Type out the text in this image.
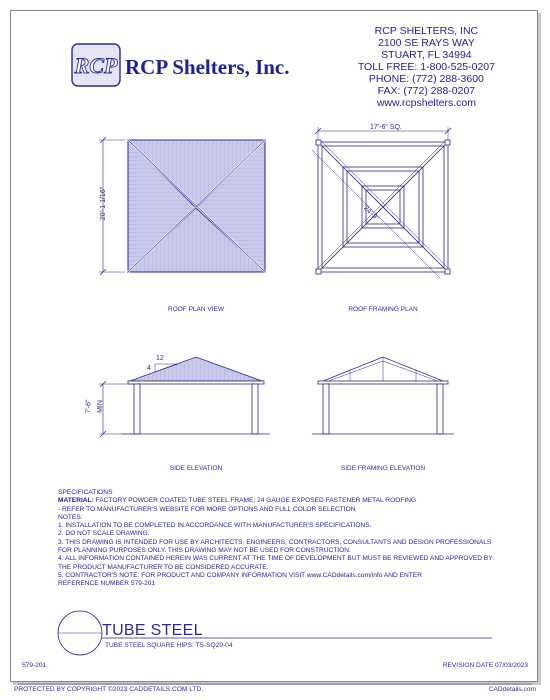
RCP RCP Shelters, Inc.
RCP SHELTERS, INC
2100 SE RAYS WAY
STUART, FL 34994
TOLL FREE: 1-800-525-0207
PHONE: (772) 288-3600
FAX: (772) 288-0207
www.rcpshelters.com
20'-1 1/16"
17'-6" SQ.
24'-9"
4
12
7'-6" MIN
ROOF PLAN VIEW	ROOF FRAMING PLAN
SIDE ELEVATION	SIDE FRAMING ELEVATION
SPECIFICATIONS
MATERIAL: FACTORY POWDER COATED TUBE STEEL FRAME; 24 GAUGE EXPOSED FASTENER METAL ROOFING
- REFER TO MANUFACTURER'S WEBSITE FOR MORE OPTIONS AND FULL COLOR SELECTION
NOTES:
1. INSTALLATION TO BE COMPLETED IN ACCORDANCE WITH MANUFACTURER'S SPECIFICATIONS.
2. DO NOT SCALE DRAWING.
3. THIS DRAWING IS INTENDED FOR USE BY ARCHITECTS, ENGINEERS, CONTRACTORS, CONSULTANTS AND DESIGN PROFESSIONALS
FOR PLANNING PURPOSES ONLY. THIS DRAWING MAY NOT BE USED FOR CONSTRUCTION.
4. ALL INFORMATION CONTAINED HEREIN WAS CURRENT AT THE TIME OF DEVELOPMENT BUT MUST BE REVIEWED AND APPROVED BY
THE PRODUCT MANUFACTURER TO BE CONSIDERED ACCURATE.
5. CONTRACTOR'S NOTE: FOR PRODUCT AND COMPANY INFORMATION VISIT www.CADdetails.com/info AND ENTER
REFERENCE NUMBER 579-201
TUBE STEEL
TUBE STEEL SQUARE HIPS: TS-SQ20-04
579-201	REVISION DATE 07/03/2023
PROTECTED BY COPYRIGHT ©2023 CADDETAILS.COM LTD.	CADdetails.com
